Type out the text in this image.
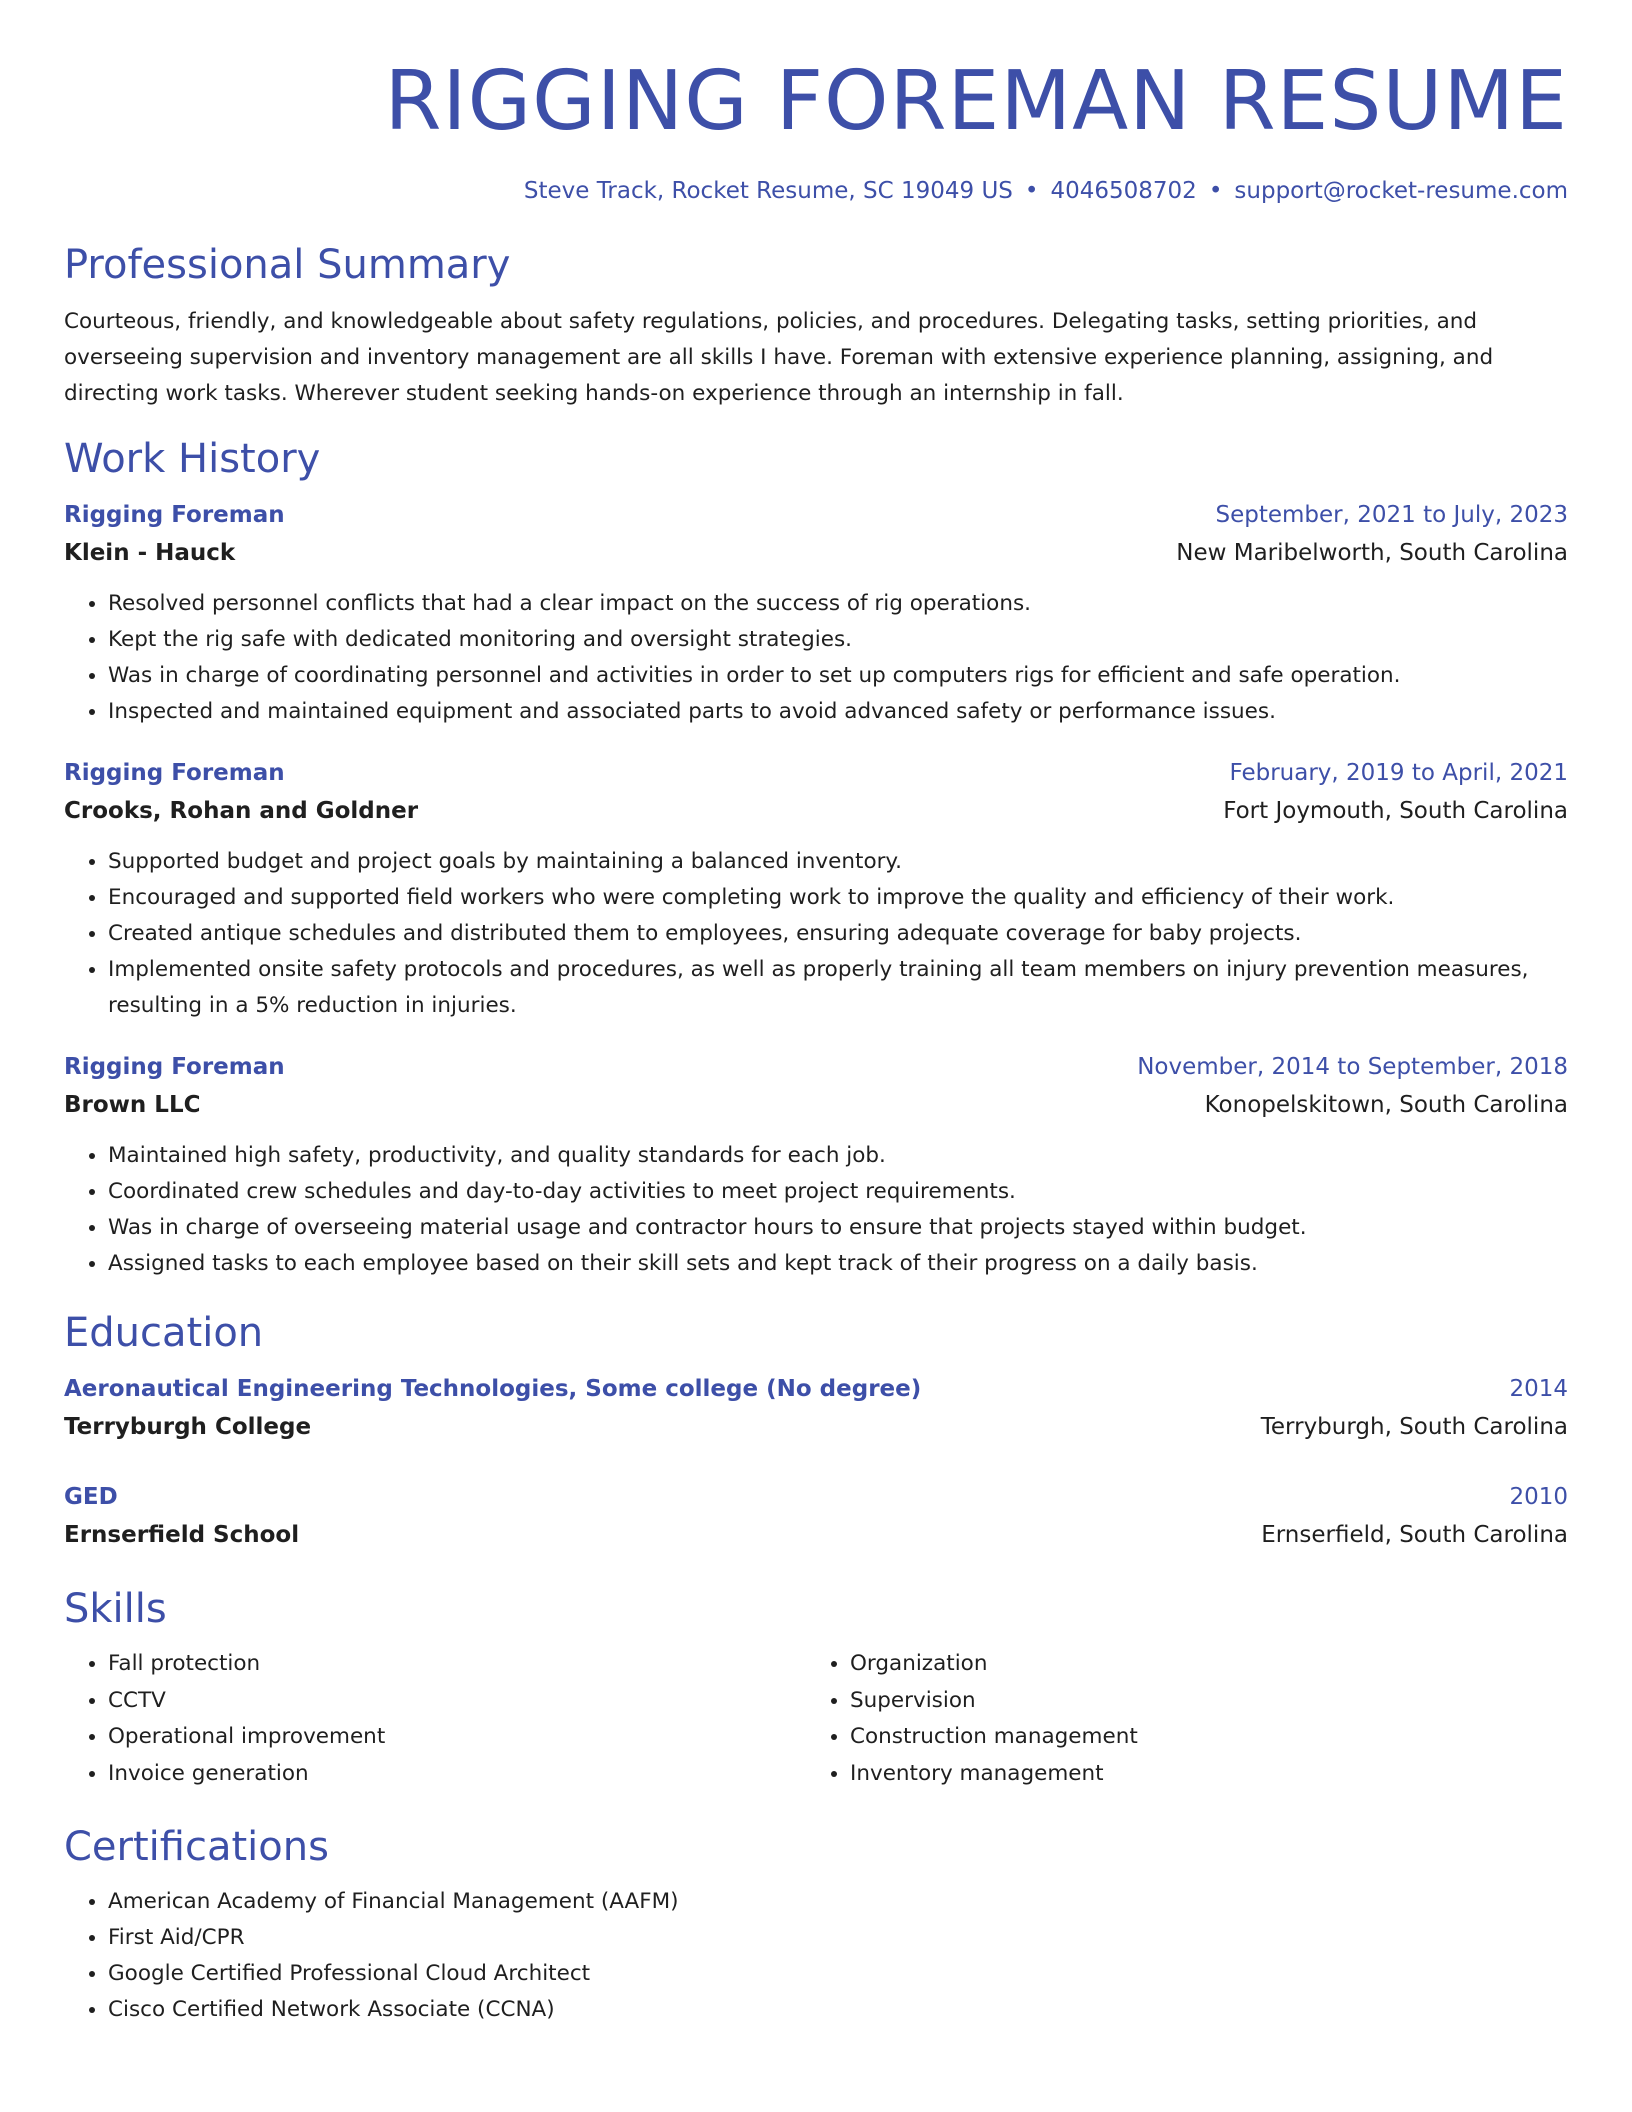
RIGGING FOREMAN RESUME
Steve Track, Rocket Resume, SC 19049 US • 4046508702 • support@rocket-resume.com
Professional Summary

Courteous, friendly, and knowledgeable about safety regulations, policies, and procedures. Delegating tasks, setting priorities, and overseeing supervision and inventory management are all skills I have. Foreman with extensive experience planning, assigning, and directing work tasks. Wherever student seeking hands-on experience through an internship in fall.

Work History
Rigging Foreman	September, 2021 to July, 2023
Klein - Hauck	New Maribelworth, South Carolina
• Resolved personnel conflicts that had a clear impact on the success of rig operations.
• Kept the rig safe with dedicated monitoring and oversight strategies.
• Was in charge of coordinating personnel and activities in order to set up computers rigs for efficient and safe operation.
• Inspected and maintained equipment and associated parts to avoid advanced safety or performance issues.
Rigging Foreman	February, 2019 to April, 2021
Crooks, Rohan and Goldner	Fort Joymouth, South Carolina
• Supported budget and project goals by maintaining a balanced inventory.
• Encouraged and supported field workers who were completing work to improve the quality and efficiency of their work.
• Created antique schedules and distributed them to employees, ensuring adequate coverage for baby projects.
• Implemented onsite safety protocols and procedures, as well as properly training all team members on injury prevention measures, resulting in a 5% reduction in injuries.
Rigging Foreman	November, 2014 to September, 2018
Brown LLC	Konopelskitown, South Carolina
• Maintained high safety, productivity, and quality standards for each job.
• Coordinated crew schedules and day-to-day activities to meet project requirements.
• Was in charge of overseeing material usage and contractor hours to ensure that projects stayed within budget.
• Assigned tasks to each employee based on their skill sets and kept track of their progress on a daily basis.
Education
Aeronautical Engineering Technologies, Some college (No degree)	2014
Terryburgh College	Terryburgh, South Carolina
GED	2010
Ernserfield School	Ernserfield, South Carolina
Skills
• Fall protection
• CCTV
• Operational improvement
• Invoice generation
• Organization
• Supervision
• Construction management
• Inventory management
Certifications
• American Academy of Financial Management (AAFM)
• First Aid/CPR
• Google Certified Professional Cloud Architect
• Cisco Certified Network Associate (CCNA)
